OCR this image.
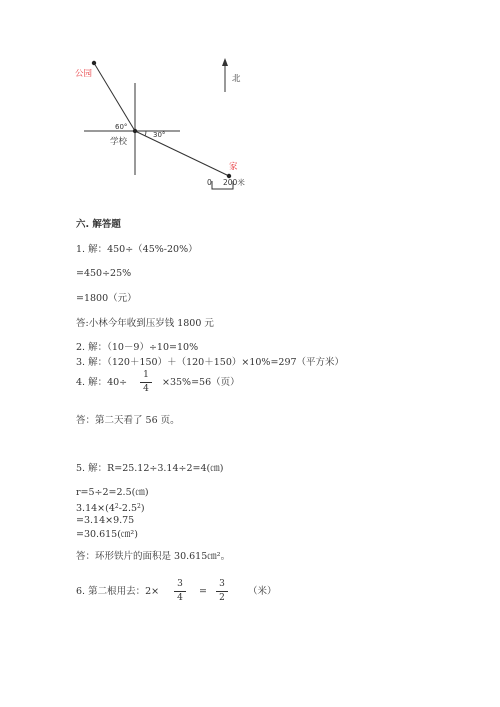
公园
60°
30°
学校
家
北
0 200米
六. 解答题
1. 解：450÷（45%-20%）
=450÷25%
=1800（元）
答:小林今年收到压岁钱 1800 元
2. 解：（10－9）÷10=10%
3. 解：（120＋150）＋（120＋150）×10%=297（平方米）
4. 解：40÷
1
4
×35%=56（页）
答：第二天看了 56 页。
5. 解：R=25.12÷3.14÷2=4(㎝)
r=5÷2=2.5(㎝)
$3.14\times(4^2-2.5^2)$
=3.14×9.75
=30.615(㎝²)
答：环形铁片的面积是 30.615㎝²。
6. 第二根用去：2×
3
4
=
3
2
（米）
